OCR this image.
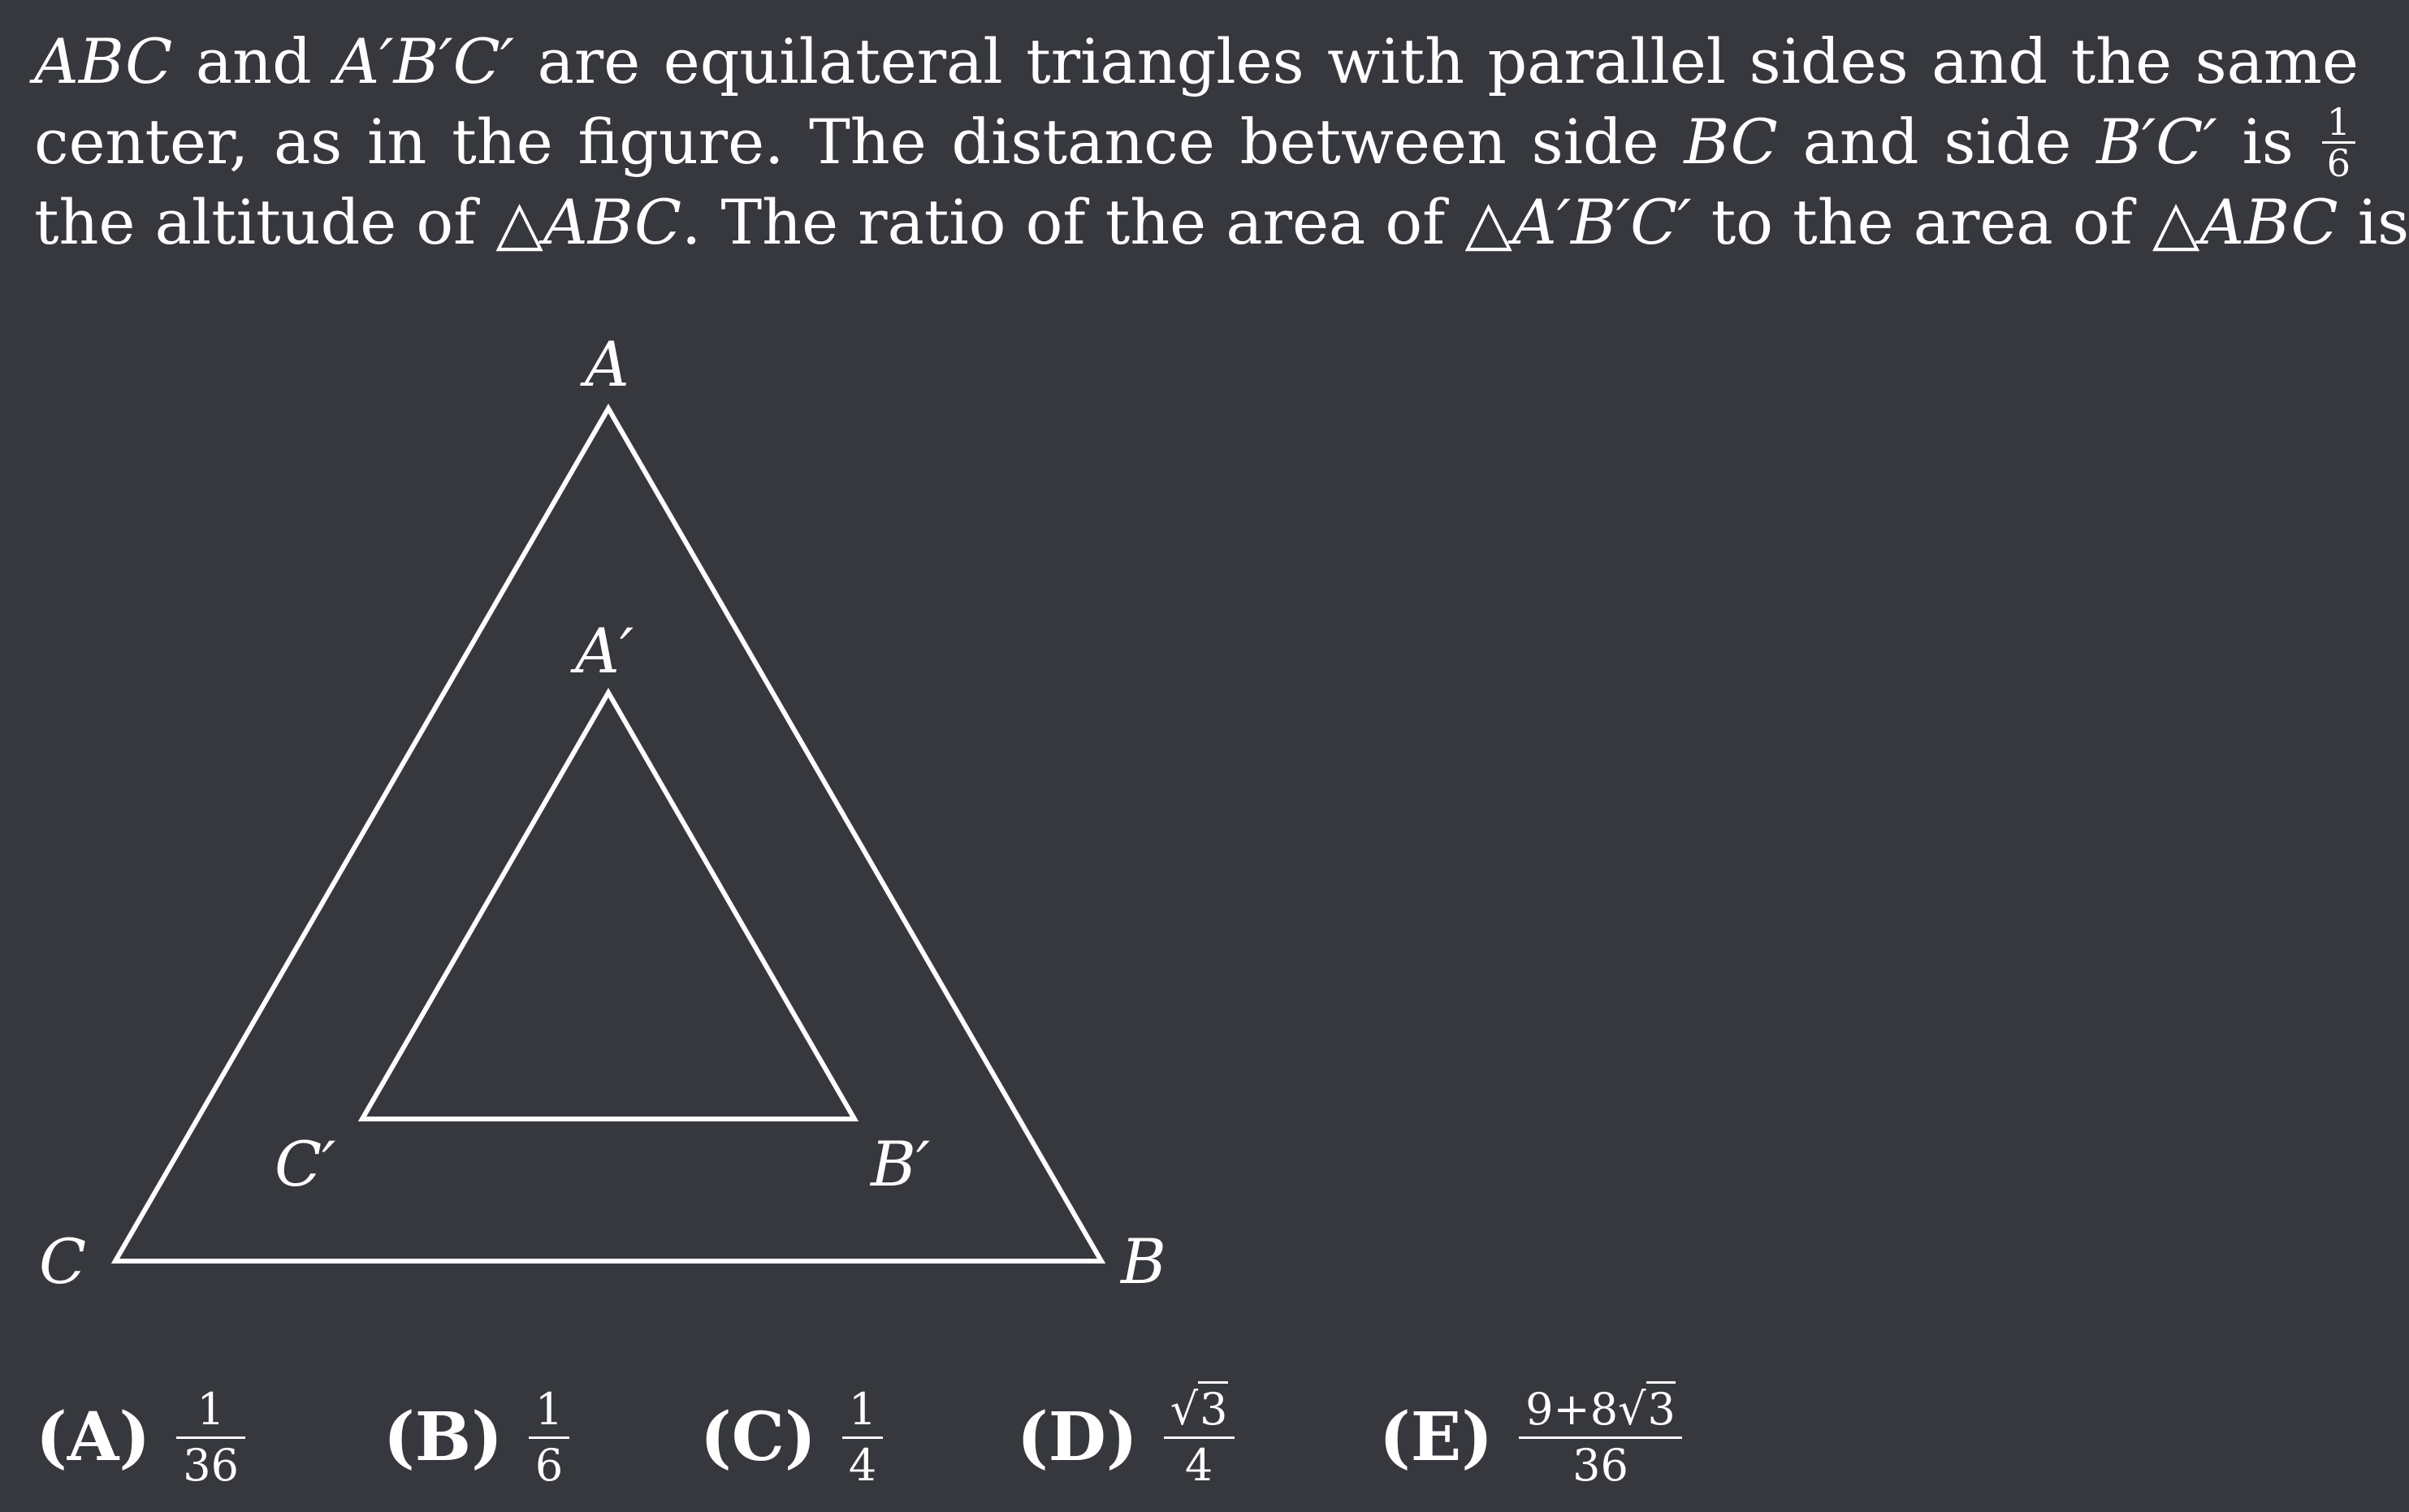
ABC and A′B′C′ are equilateral triangles with parallel sides and the same
center, as in the figure. The distance between side BC and side B′C′ is $\frac{1}{6}$
the altitude of △ABC. The ratio of the area of △A′B′C′ to the area of △ABC is
A
B
C
A′
B′
C′
$(A) \frac{1}{36} (B) \frac{1}{6} (C) \frac{1}{4} (D) \frac{√3}{4} (E) \frac{9+8√3}{36}$
